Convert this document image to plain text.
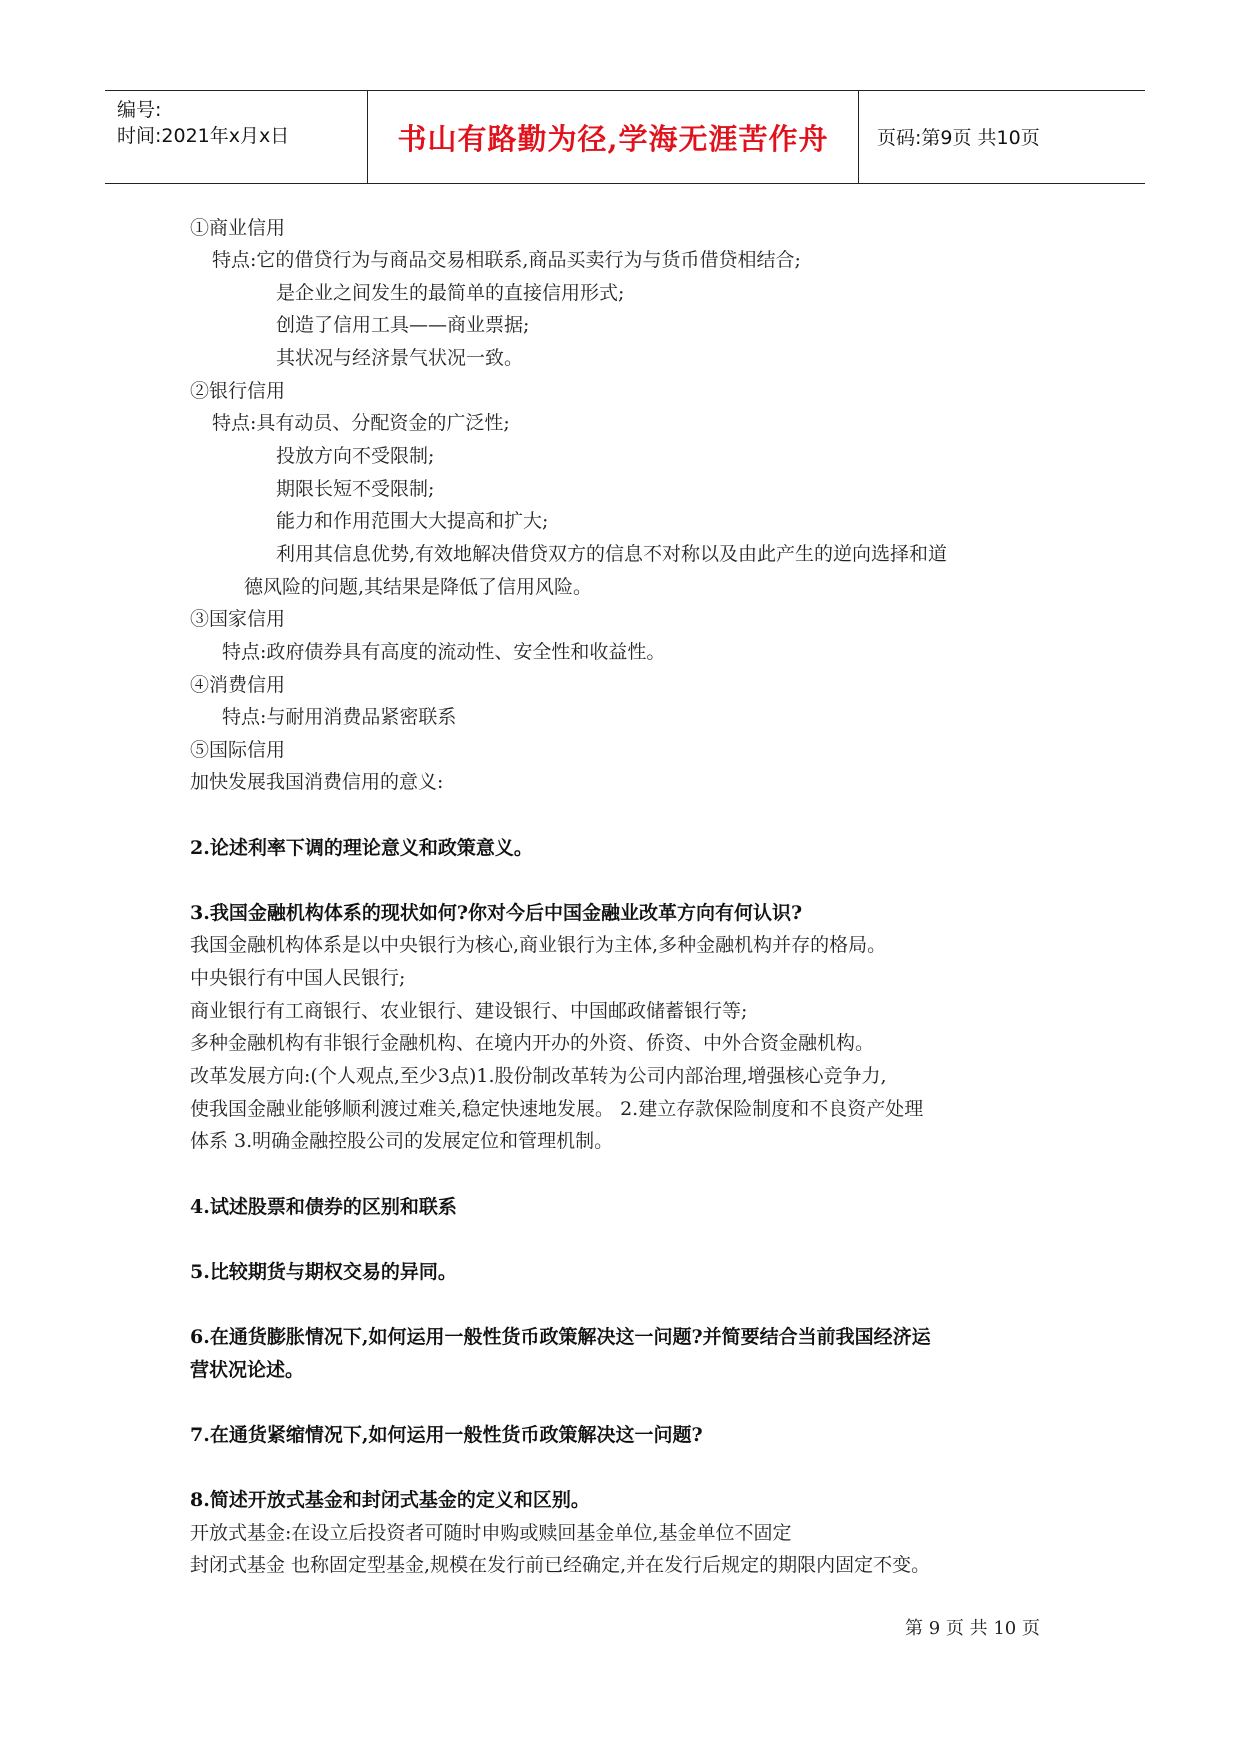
编号:
时间:2021年x月x日	书山有路勤为径,学海无涯苦作舟	页码:第9页 共10页
①商业信用
特点:它的借贷行为与商品交易相联系,商品买卖行为与货币借贷相结合;
是企业之间发生的最简单的直接信用形式;
创造了信用工具——商业票据;
其状况与经济景气状况一致。
②银行信用
特点:具有动员、分配资金的广泛性;
投放方向不受限制;
期限长短不受限制;
能力和作用范围大大提高和扩大;
利用其信息优势,有效地解决借贷双方的信息不对称以及由此产生的逆向选择和道
德风险的问题,其结果是降低了信用风险。
③国家信用
特点:政府债券具有高度的流动性、安全性和收益性。
④消费信用
特点:与耐用消费品紧密联系
⑤国际信用
加快发展我国消费信用的意义:
2.论述利率下调的理论意义和政策意义。
3.我国金融机构体系的现状如何?你对今后中国金融业改革方向有何认识?
我国金融机构体系是以中央银行为核心,商业银行为主体,多种金融机构并存的格局。
中央银行有中国人民银行;
商业银行有工商银行、农业银行、建设银行、中国邮政储蓄银行等;
多种金融机构有非银行金融机构、在境内开办的外资、侨资、中外合资金融机构。
改革发展方向:(个人观点,至少3点)1.股份制改革转为公司内部治理,增强核心竞争力,
使我国金融业能够顺利渡过难关,稳定快速地发展。 2.建立存款保险制度和不良资产处理
体系 3.明确金融控股公司的发展定位和管理机制。
4.试述股票和债券的区别和联系
5.比较期货与期权交易的异同。
6.在通货膨胀情况下,如何运用一般性货币政策解决这一问题?并简要结合当前我国经济运
营状况论述。
7.在通货紧缩情况下,如何运用一般性货币政策解决这一问题?
8.简述开放式基金和封闭式基金的定义和区别。
开放式基金:在设立后投资者可随时申购或赎回基金单位,基金单位不固定
封闭式基金 也称固定型基金,规模在发行前已经确定,并在发行后规定的期限内固定不变。
第 9 页 共 10 页
